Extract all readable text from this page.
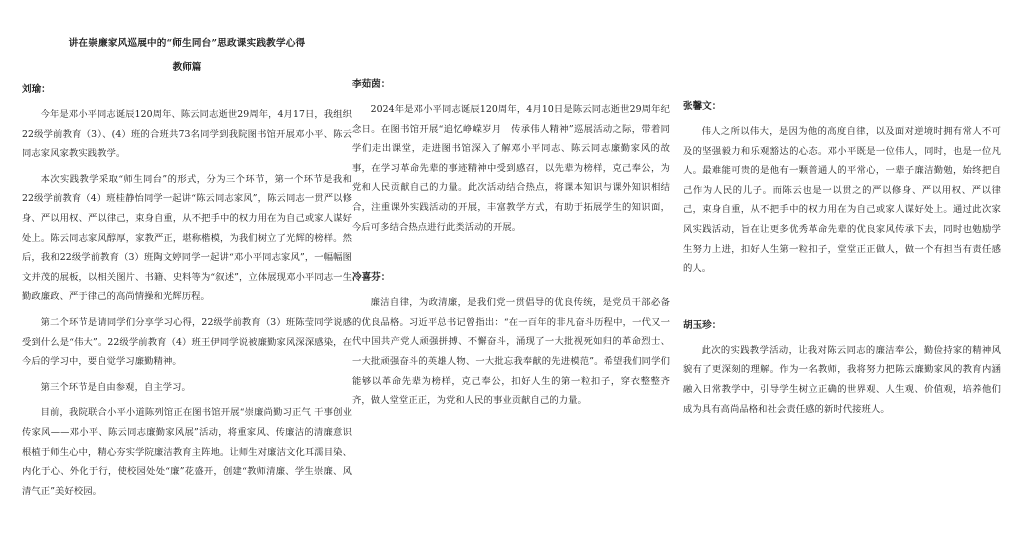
讲在崇廉家风巡展中的“师生同台”思政课实践教学心得
教师篇
刘瑜：

今年是邓小平同志诞辰120周年、陈云同志逝世29周年，4月17日，我组织22级学前教育（3）、(4）班的合班共73名同学到我院图书馆开展邓小平、陈云同志家风家教实践教学。

本次实践教学采取“师生同台”的形式，分为三个环节，第一个环节是我和22级学前教育（4）班桂静怡同学一起讲“陈云同志家风”，陈云同志一贯严以修身、严以用权、严以律己，束身自重，从不把手中的权力用在为自己或家人谋好处上。陈云同志家风醇厚，家教严正，堪称楷模，为我们树立了光辉的榜样。然后，我和22级学前教育（3）班陶文婷同学一起讲“邓小平同志家风”，一幅幅图文并茂的展板，以相关图片、书籍、史料等为“叙述”，立体展现邓小平同志一生勤政廉政、严于律己的高尚情操和光辉历程。

第二个环节是请同学们分享学习心得，22级学前教育（3）班陈莹同学说感受到什么是“伟大”。22级学前教育（4）班王伊同学说被廉勤家风深深感染，在今后的学习中，要自觉学习廉勤精神。

第三个环节是自由参观，自主学习。

目前，我院联合小平小道陈列馆正在图书馆开展“崇廉尚勤习正气 干事创业传家风——邓小平、陈云同志廉勤家风展”活动，将重家风、传廉洁的清廉意识根植于师生心中，精心夯实学院廉洁教育主阵地。让师生对廉洁文化耳濡目染、内化于心、外化于行，使校园处处“廉”花盛开，创建“教师清廉、学生崇廉、风清气正”美好校园。

李茹茵：

2024年是邓小平同志诞辰120周年，4月10日是陈云同志逝世29周年纪念日。在图书馆开展“追忆峥嵘岁月　传承伟人精神”巡展活动之际，带着同学们走出课堂，走进图书馆深入了解邓小平同志、陈云同志廉勤家风的故事，在学习革命先辈的事迹精神中受到感召，以先辈为榜样，克己奉公，为党和人民贡献自己的力量。此次活动结合热点，将课本知识与课外知识相结合，注重课外实践活动的开展，丰富教学方式，有助于拓展学生的知识面，今后可多结合热点进行此类活动的开展。

冷喜芬：

廉洁自律，为政清廉，是我们党一贯倡导的优良传统，是党员干部必备的优良品格。习近平总书记曾指出：“在一百年的非凡奋斗历程中，一代又一代中国共产党人顽强拼搏、不懈奋斗，涌现了一大批视死如归的革命烈士、一大批顽强奋斗的英雄人物、一大批忘我奉献的先进模范”。希望我们同学们能够以革命先辈为榜样，克己奉公，扣好人生的第一粒扣子，穿衣整整齐齐，做人堂堂正正，为党和人民的事业贡献自己的力量。

张馨文：

伟人之所以伟大，是因为他的高度自律，以及面对逆境时拥有常人不可及的坚强毅力和乐观豁达的心态。邓小平既是一位伟人，同时，也是一位凡人。最难能可贵的是他有一颗普通人的平常心，一辈子廉洁勤勉，始终把自己作为人民的儿子。而陈云也是一以贯之的严以修身、严以用权、严以律己，束身自重，从不把手中的权力用在为自己或家人谋好处上。通过此次家风实践活动，旨在让更多优秀革命先辈的优良家风传承下去，同时也勉励学生努力上进，扣好人生第一粒扣子，堂堂正正做人，做一个有担当有责任感的人。

胡玉珍：

此次的实践教学活动，让我对陈云同志的廉洁奉公，勤俭持家的精神风貌有了更深刻的理解。作为一名教师，我将努力把陈云廉勤家风的教育内涵融入日常教学中，引导学生树立正确的世界观、人生观、价值观，培养他们成为具有高尚品格和社会责任感的新时代接班人。
